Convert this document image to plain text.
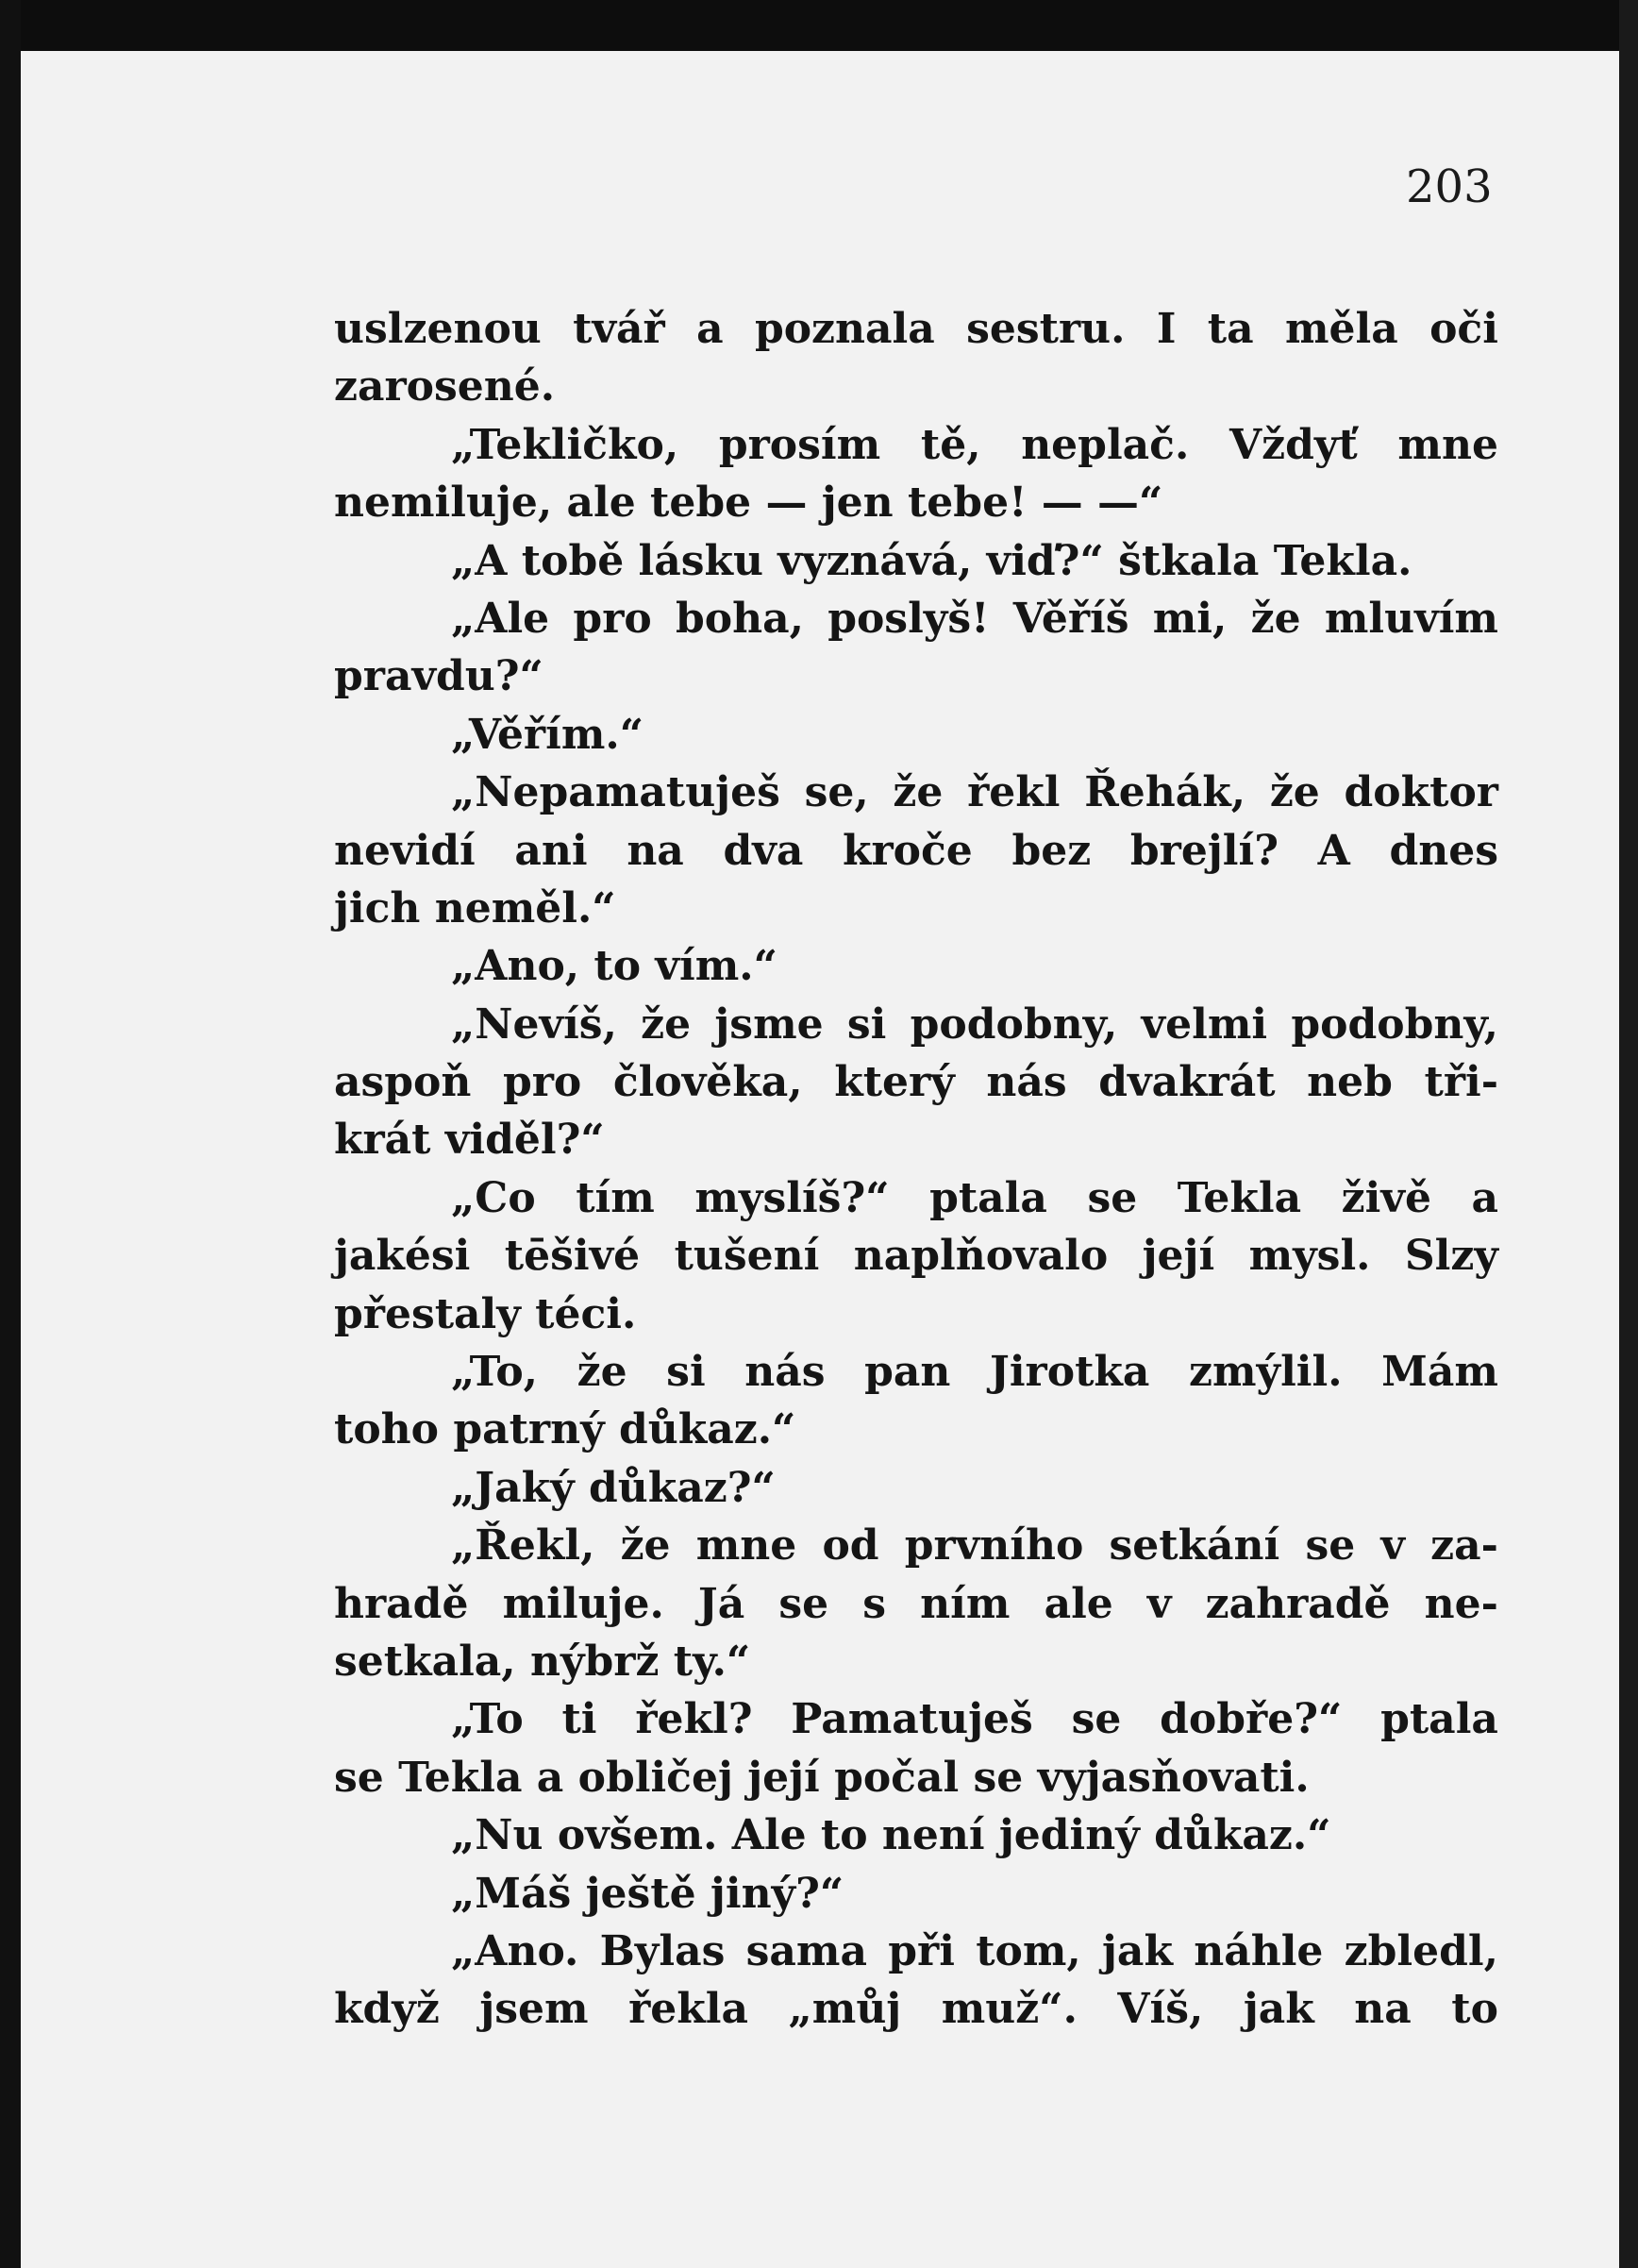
203
uslzenou tvář a poznala sestru. I ta měla oči
zarosené.
„Tekličko, prosím tě, neplač. Vždyť mne
nemiluje, ale tebe — jen tebe! — —“
„A tobě lásku vyznává, viď?“ štkala Tekla.
„Ale pro boha, poslyš! Věříš mi, že mluvím
pravdu?“
„Věřím.“
„Nepamatuješ se, že řekl Řehák, že doktor
nevidí ani na dva kroče bez brejlí? A dnes
jich neměl.“
„Ano, to vím.“
„Nevíš, že jsme si podobny, velmi podobny,
aspoň pro člověka, který nás dvakrát neb tři-
krát viděl?“
„Co tím myslíš?“ ptala se Tekla živě a
jakési tēšivé tušení naplňovalo její mysl. Slzy
přestaly téci.
„To, že si nás pan Jirotka zmýlil. Mám
toho patrný důkaz.“
„Jaký důkaz?“
„Řekl, že mne od prvního setkání se v za-
hradě miluje. Já se s ním ale v zahradě ne-
setkala, nýbrž ty.“
„To ti řekl? Pamatuješ se dobře?“ ptala
se Tekla a obličej její počal se vyjasňovati.
„Nu ovšem. Ale to není jediný důkaz.“
„Máš ještě jiný?“
„Ano. Bylas sama při tom, jak náhle zbledl,
když jsem řekla „můj muž“. Víš, jak na to
